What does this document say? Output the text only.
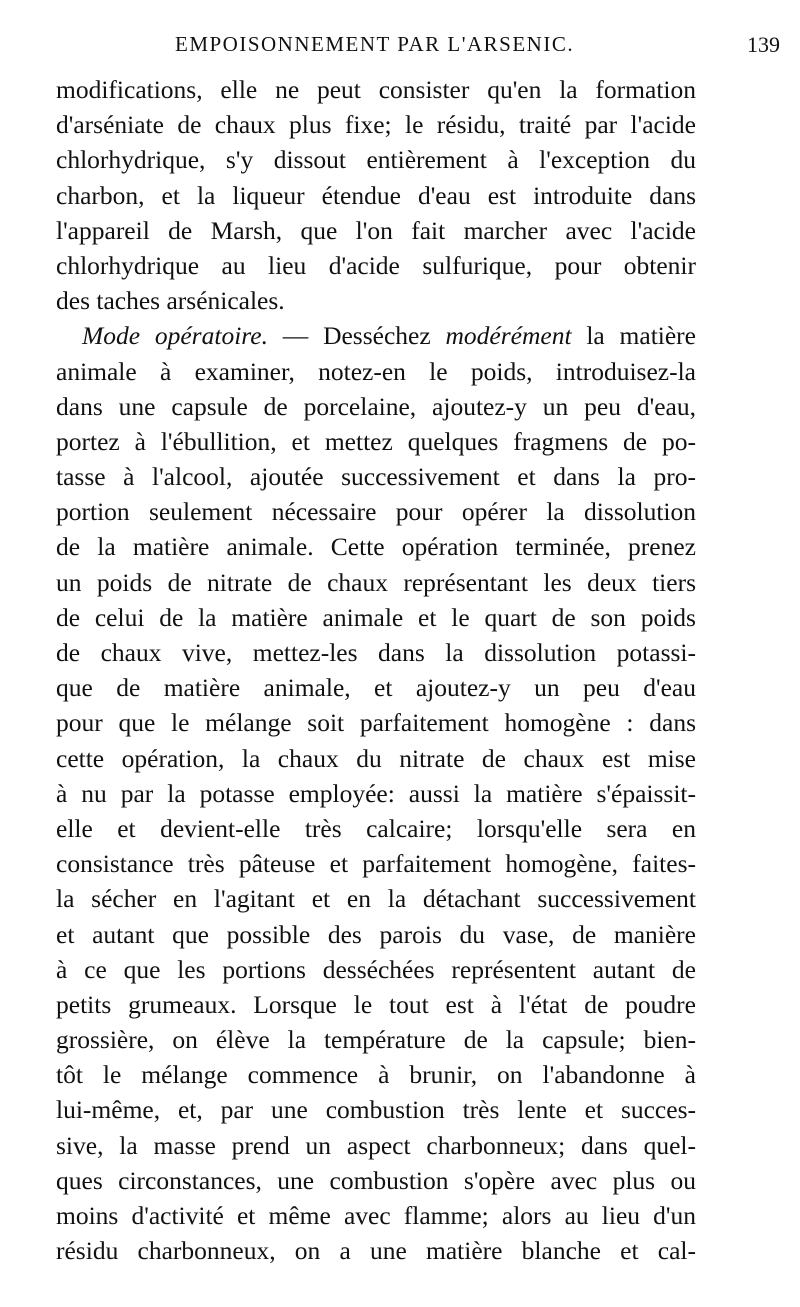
EMPOISONNEMENT PAR L'ARSENIC.	139
modifications, elle ne peut consister qu'en la formation
d'arséniate de chaux plus fixe; le résidu, traité par l'acide
chlorhydrique, s'y dissout entièrement à l'exception du
charbon, et la liqueur étendue d'eau est introduite dans
l'appareil de Marsh, que l'on fait marcher avec l'acide
chlorhydrique au lieu d'acide sulfurique, pour obtenir
des taches arsénicales.
Mode opératoire. — Desséchez modérément la matière
animale à examiner, notez-en le poids, introduisez-la
dans une capsule de porcelaine, ajoutez-y un peu d'eau,
portez à l'ébullition, et mettez quelques fragmens de po-
tasse à l'alcool, ajoutée successivement et dans la pro-
portion seulement nécessaire pour opérer la dissolution
de la matière animale. Cette opération terminée, prenez
un poids de nitrate de chaux représentant les deux tiers
de celui de la matière animale et le quart de son poids
de chaux vive, mettez-les dans la dissolution potassi-
que de matière animale, et ajoutez-y un peu d'eau
pour que le mélange soit parfaitement homogène : dans
cette opération, la chaux du nitrate de chaux est mise
à nu par la potasse employée: aussi la matière s'épaissit-
elle et devient-elle très calcaire; lorsqu'elle sera en
consistance très pâteuse et parfaitement homogène, faites-
la sécher en l'agitant et en la détachant successivement
et autant que possible des parois du vase, de manière
à ce que les portions desséchées représentent autant de
petits grumeaux. Lorsque le tout est à l'état de poudre
grossière, on élève la température de la capsule; bien-
tôt le mélange commence à brunir, on l'abandonne à
lui-même, et, par une combustion très lente et succes-
sive, la masse prend un aspect charbonneux; dans quel-
ques circonstances, une combustion s'opère avec plus ou
moins d'activité et même avec flamme; alors au lieu d'un
résidu charbonneux, on a une matière blanche et cal-
